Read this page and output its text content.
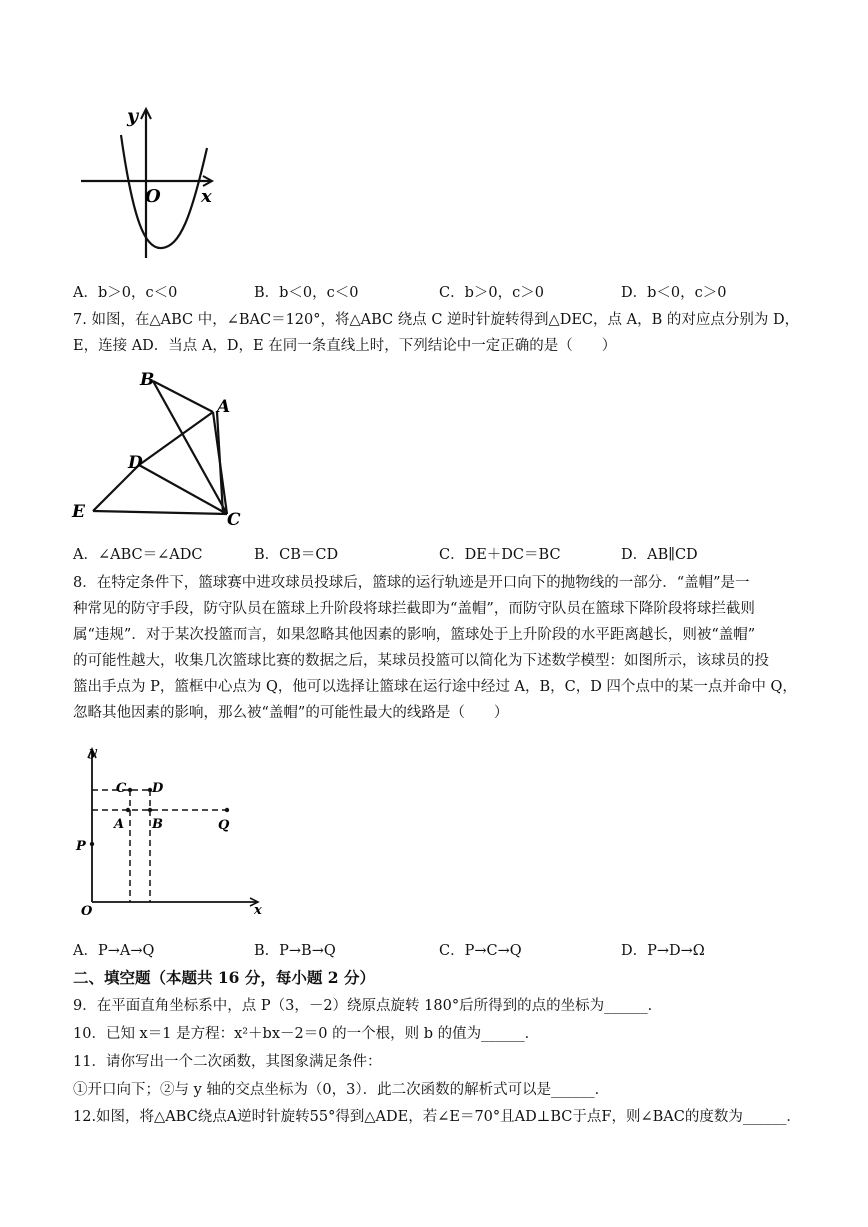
y
x
O
A．b＞0，c＜0	B．b＜0，c＜0	C．b＞0，c＞0	D．b＜0，c＞0
7. 如图，在△ABC 中，∠BAC＝120°，将△ABC 绕点 C 逆时针旋转得到△DEC，点 A，B 的对应点分别为 D，
E，连接 AD．当点 A，D，E 在同一条直线上时，下列结论中一定正确的是（　　）
B
A
D
E	C
A．∠ABC＝∠ADC	B．CB＝CD	C．DE＋DC＝BC	D．AB∥CD
8．在特定条件下，篮球赛中进攻球员投球后，篮球的运行轨迹是开口向下的抛物线的一部分．“盖帽”是一
种常见的防守手段，防守队员在篮球上升阶段将球拦截即为“盖帽”，而防守队员在篮球下降阶段将球拦截则
属“违规”．对于某次投篮而言，如果忽略其他因素的影响，篮球处于上升阶段的水平距离越长，则被“盖帽”
的可能性越大，收集几次篮球比赛的数据之后，某球员投篮可以简化为下述数学模型：如图所示，该球员的投
篮出手点为 P，篮框中心点为 Q，他可以选择让篮球在运行途中经过 A，B，C，D 四个点中的某一点并命中 Q，
忽略其他因素的影响，那么被“盖帽”的可能性最大的线路是（　　）
y
x
O
P
C D
A B	Q
A．P→A→Q	B．P→B→Q	C．P→C→Q	D．P→D→Ω
二、填空题（本题共 16 分，每小题 2 分）
9．在平面直角坐标系中，点 P（3，－2）绕原点旋转 180°后所得到的点的坐标为______．
10．已知 x＝1 是方程：x²＋bx－2＝0 的一个根，则 b 的值为______．
11．请你写出一个二次函数，其图象满足条件：
①开口向下；②与 y 轴的交点坐标为（0，3）．此二次函数的解析式可以是______．
12.如图，将△ABC绕点A逆时针旋转55°得到△ADE，若∠E＝70°且AD⊥BC于点F，则∠BAC的度数为______．
